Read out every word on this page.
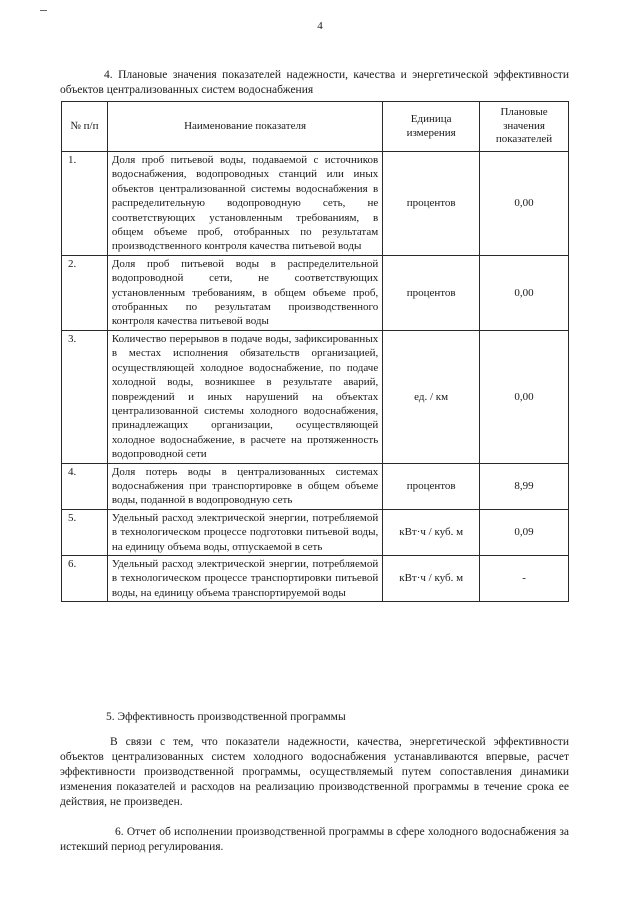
4
4. Плановые значения показателей надежности, качества и энергетической эффективности объектов централизованных систем водоснабжения
№ п/п	Наименование показателя	Единица измерения	Плановые значения показателей
1.	Доля проб питьевой воды, подаваемой с источников водоснабжения, водопроводных станций или иных объектов централизованной системы водоснабжения в распределительную водопроводную сеть, не соответствующих установленным требованиям, в общем объеме проб, отобранных по результатам производственного контроля качества питьевой воды	процентов	0,00
2.	Доля проб питьевой воды в распределительной водопроводной сети, не соответствующих установленным требованиям, в общем объеме проб, отобранных по результатам производственного контроля качества питьевой воды	процентов	0,00
3.	Количество перерывов в подаче воды, зафиксированных в местах исполнения обязательств организацией, осуществляющей холодное водоснабжение, по подаче холодной воды, возникшее в результате аварий, повреждений и иных нарушений на объектах централизованной системы холодного водоснабжения, принадлежащих организации, осуществляющей холодное водоснабжение, в расчете на протяженность водопроводной сети	ед. / км	0,00
4.	Доля потерь воды в централизованных системах водоснабжения при транспортировке в общем объеме воды, поданной в водопроводную сеть	процентов	8,99
5.	Удельный расход электрической энергии, потребляемой в технологическом процессе подготовки питьевой воды, на единицу объема воды, отпускаемой в сеть	кВт·ч / куб. м	0,09
6.	Удельный расход электрической энергии, потребляемой в технологическом процессе транспортировки питьевой воды, на единицу объема транспортируемой воды	кВт·ч / куб. м	-
5. Эффективность производственной программы
В связи с тем, что показатели надежности, качества, энергетической эффективности объектов централизованных систем холодного водоснабжения устанавливаются впервые, расчет эффективности производственной программы, осуществляемый путем сопоставления динамики изменения показателей и расходов на реализацию производственной программы в течение срока ее действия, не произведен.
6. Отчет об исполнении производственной программы в сфере холодного водоснабжения за истекший период регулирования.
